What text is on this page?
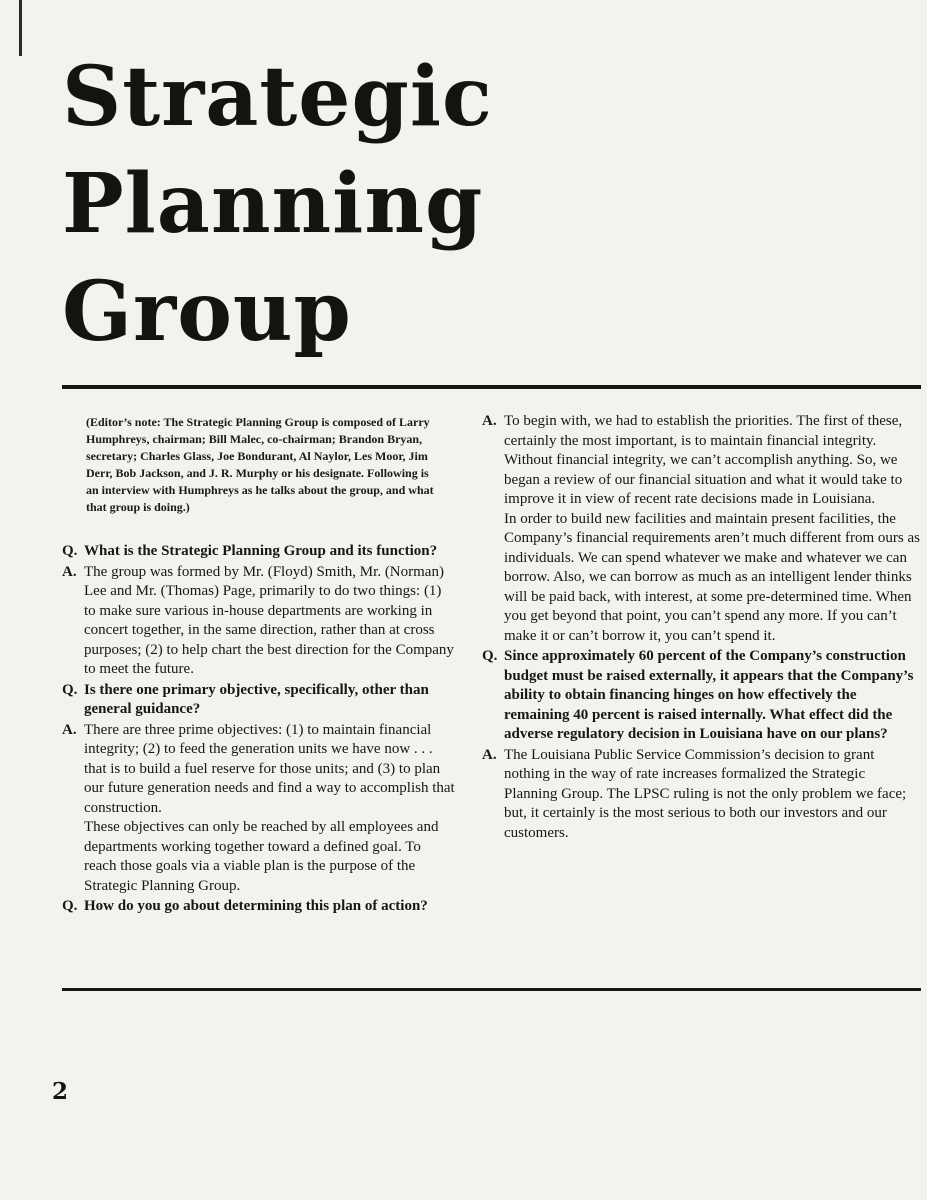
Strategic
Planning
Group
(Editor’s note: The Strategic Planning Group is composed of Larry Humphreys, chairman; Bill Malec, co-chairman; Brandon Bryan, secretary; Charles Glass, Joe Bondurant, Al Naylor, Les Moor, Jim Derr, Bob Jackson, and J. R. Murphy or his designate. Following is an interview with Humphreys as he talks about the group, and what that group is doing.)
Q. What is the Strategic Planning Group and its function?

A. The group was formed by Mr. (Floyd) Smith, Mr. (Norman) Lee and Mr. (Thomas) Page, primarily to do two things: (1) to make sure various in-house departments are working in concert together, in the same direction, rather than at cross purposes; (2) to help chart the best direction for the Company to meet the future.

Q. Is there one primary objective, specifically, other than general guidance?

A. There are three prime objectives: (1) to maintain financial integrity; (2) to feed the generation units we have now . . . that is to build a fuel reserve for those units; and (3) to plan our future generation needs and find a way to accomplish that construction.

These objectives can only be reached by all employees and departments working together toward a defined goal. To reach those goals via a viable plan is the purpose of the Strategic Planning Group.

Q. How do you go about determining this plan of action?

A. To begin with, we had to establish the priorities. The first of these, certainly the most important, is to maintain financial integrity. Without financial integrity, we can’t accomplish anything. So, we began a review of our financial situation and what it would take to improve it in view of recent rate decisions made in Louisiana.

In order to build new facilities and maintain present facilities, the Company’s financial requirements aren’t much different from ours as individuals. We can spend whatever we make and whatever we can borrow. Also, we can borrow as much as an intelligent lender thinks will be paid back, with interest, at some pre-determined time. When you get beyond that point, you can’t spend any more. If you can’t make it or can’t borrow it, you can’t spend it.

Q. Since approximately 60 percent of the Company’s construction budget must be raised externally, it appears that the Company’s ability to obtain financing hinges on how effectively the remaining 40 percent is raised internally. What effect did the adverse regulatory decision in Louisiana have on our plans?

A. The Louisiana Public Service Commission’s decision to grant nothing in the way of rate increases formalized the Strategic Planning Group. The LPSC ruling is not the only problem we face; but, it certainly is the most serious to both our investors and our customers.

2
